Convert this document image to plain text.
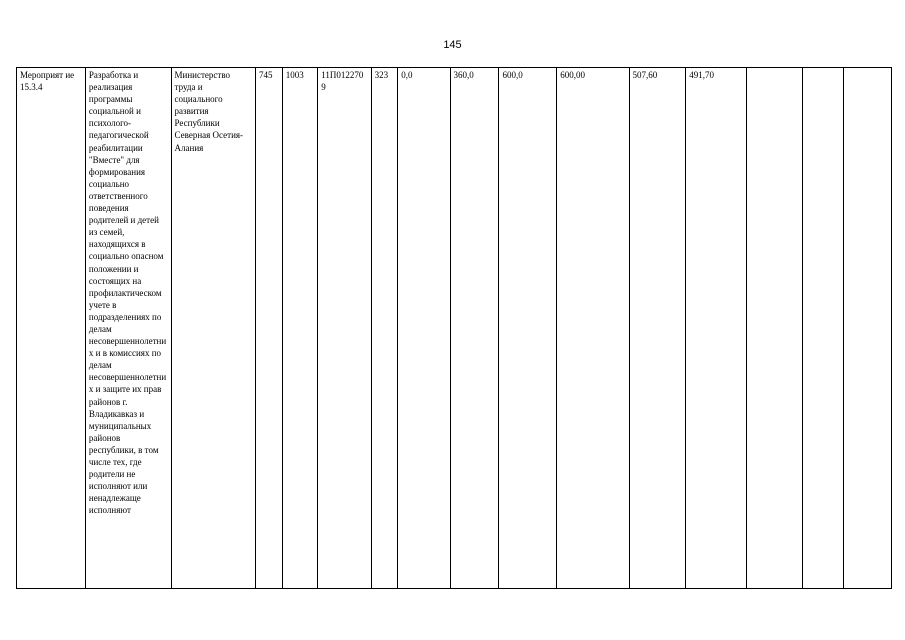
145
Мероприят ие 15.3.4	Разработка и реализация программы социальной и психолого-педагогической реабилитации "Вместе" для формирования социально ответственного поведения родителей и детей из семей, находящихся в социально опасном положении и состоящих на профилактическом учете в подразделениях по делам несовершеннолетних и в комиссиях по делам несовершеннолетних и защите их прав районов г. Владикавказ и муниципальных районов республики, в том числе тех, где родители не исполняют или ненадлежаще исполняют	Министерство труда и социального развития Республики Северная Осетия-Алания	745	1003	11П0122709	323	0,0	360,0	600,0	600,00	507,60	491,70			
